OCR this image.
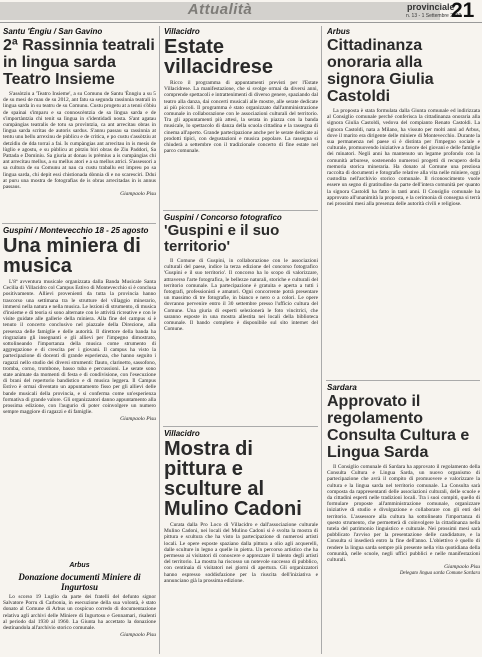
Attualità	provinciale
n. 13 - 1 Settembre 2012
21
Santu 'Èngiu / San Gavino
2ª Rassinnia teatrali in lingua sarda Teatro Insieme

S'assòtziu a 'Teatro Insieme', a su Comunu de Santu 'Ènngiu a su 5 de su mesi de mau de su 2012, ant fatu sa segunda rassinnia teatrali in lingua sarda in su teatru de su Comunu. Custu progetu at a tenni s'òbiu de spainai s'imparu e sa connoscèntzia de sa lìngua sarda e de s'importàntzia chi tenit sa lìngua in s'identidadi nosta. S'ant agatau cumpàngias teatralis de totu sa provìntzia, ca ant arrecitau obras in lìngua sarda scritas de autoris sardus. S'annu passau sa rassinnia at tentu unu bellu arrexinu de pùblicu e de critica, e po custu s'assòtziu at detzìdiu de dda torrai a fai. Is cumpàngias ant arrecitau in is mesis de lùglio e agostu, e su pùblicu at pòtziu biri obras de Ziu Paddori, Sa Pattada e Dominiu. Sa giuria at donau is prèmius a is cumpàngias chi ant arrecitau mellus, a su mellus atori e a sa mellus atrici. S'assessori a sa cultura de su Comunu at nau ca custu traballu est impreu po sa lìngua sarda, chi depit essi chistionada dònnia dì e no scaresciri. Ddui at puru una mostra de fotografias de is obras arrecitadas in is annus passaus.

Giampaolo Pisu
Guspini / Montevecchio 18 - 25 agosto
Una miniera di musica

L'8ª avventura musicale organizzata dalla Banda Musicale Santa Cecilia di Villacidro col Campus Estivo di Montevecchio si è conclusa positivamente. Allievi provenienti da tutta la provincia hanno trascorso una settimana tra le strutture del villaggio minerario, immersi nella natura e nella musica. Le lezioni di strumento, di musica d'insieme e di teoria si sono alternate con le attività ricreative e con le visite guidate alle gallerie della miniera. Alla fine del campus si è tenuto il concerto conclusivo nel piazzale della Direzione, alla presenza delle famiglie e delle autorità. Il direttore della banda ha ringraziato gli insegnanti e gli allievi per l'impegno dimostrato, sottolineando l'importanza della musica come strumento di aggregazione e di crescita per i giovani. Il campus ha visto la partecipazione di docenti di grande esperienza, che hanno seguito i ragazzi nello studio dei diversi strumenti: flauto, clarinetto, sassofono, tromba, corno, trombone, basso tuba e percussioni. Le serate sono state animate da momenti di festa e di condivisione, con l'esecuzione di brani del repertorio bandistico e di musica leggera. Il Campus Estivo è ormai diventato un appuntamento fisso per gli allievi delle bande musicali della provincia, e si conferma come un'esperienza formativa di grande valore. Gli organizzatori danno appuntamento alla prossima edizione, con l'augurio di poter coinvolgere un numero sempre maggiore di ragazzi e di famiglie.

Giampaolo Pisu
Arbus
Donazione documenti Miniere di Ingurtosu

Lo scorso 19 Luglio da parte dei fratelli del defunto signor Salvatore Porru di Carbonia, in esecuzione della sua volontà, è stato donato al Comune di Arbus un cospicuo corredo di documentazione relativa agli archivi delle Miniere di Ingurtosu e Gennamari, risalenti al periodo dal 1930 al 1960. La Giunta ha accettato la donazione destinandola all'archivio storico comunale.

Giampaolo Pisu
Villacidro
Estate villacidrese

Ricco il programma di appuntamenti previsti per l'Estate Villacidrese. La manifestazione, che si svolge ormai da diversi anni, comprende spettacoli e intrattenimenti di diverso genere, spaziando dal teatro alla danza, dai concerti musicali alle mostre, alle serate dedicate ai più piccoli. Il programma è stato organizzato dall'amministrazione comunale in collaborazione con le associazioni culturali del territorio. Tra gli appuntamenti più attesi, la serata in piazza con la banda musicale, lo spettacolo di danza della scuola cittadina e la rassegna di cinema all'aperto. Grande partecipazione anche per le serate dedicate ai prodotti tipici, con degustazioni e musica popolare. La rassegna si chiuderà a settembre con il tradizionale concerto di fine estate nel parco comunale.

Guspini / Concorso fotografico
'Guspini e il suo territorio'

Il Comune di Guspini, in collaborazione con le associazioni culturali del paese, indice la terza edizione del concorso fotografico 'Guspini e il suo territorio'. Il concorso ha lo scopo di valorizzare, attraverso l'arte fotografica, le bellezze naturali, storiche e culturali del territorio comunale. La partecipazione è gratuita e aperta a tutti i fotografi, professionisti e amatori. Ogni concorrente potrà presentare un massimo di tre fotografie, in bianco e nero o a colori. Le opere dovranno pervenire entro il 30 settembre presso l'ufficio cultura del Comune. Una giuria di esperti selezionerà le foto vincitrici, che saranno esposte in una mostra allestita nei locali della biblioteca comunale. Il bando completo è disponibile sul sito internet del Comune.

Villacidro
Mostra di pittura e sculture al Mulino Cadoni

Curata dalla Pro Loco di Villacidro e dall'associazione culturale Mulino Cadoni, nei locali del Mulino Cadoni si è svolta la mostra di pittura e scultura che ha visto la partecipazione di numerosi artisti locali. Le opere esposte spaziano dalla pittura a olio agli acquerelli, dalle sculture in legno a quelle in pietra. Un percorso artistico che ha permesso ai visitatori di conoscere e apprezzare il talento degli artisti del territorio. La mostra ha riscosso un notevole successo di pubblico, con centinaia di visitatori nei giorni di apertura. Gli organizzatori hanno espresso soddisfazione per la riuscita dell'iniziativa e annunciano già la prossima edizione.

Arbus
Cittadinanza onoraria alla signora Giulia Castoldi

La proposta è stata formulata dalla Giunta comunale ed indirizzata al Consiglio comunale perché conferisca la cittadinanza onoraria alla signora Giulia Castoldi, vedova del compianto Renato Castoldi. La signora Castoldi, nata a Milano, ha vissuto per molti anni ad Arbus, dove il marito era dirigente delle miniere di Montevecchio. Durante la sua permanenza nel paese si è distinta per l'impegno sociale e culturale, promuovendo iniziative a favore dei giovani e delle famiglie dei minatori. Negli anni ha mantenuto un legame profondo con la comunità arburese, sostenendo numerosi progetti di recupero della memoria storica mineraria. Ha donato al Comune una preziosa raccolta di documenti e fotografie relative alla vita nelle miniere, oggi custodita nell'archivio storico comunale. Il riconoscimento vuole essere un segno di gratitudine da parte dell'intera comunità per quanto la signora Castoldi ha fatto in tanti anni. Il Consiglio comunale ha approvato all'unanimità la proposta, e la cerimonia di consegna si terrà nei prossimi mesi alla presenza delle autorità civili e religiose.

Sardara
Approvato il regolamento Consulta Cultura e Lingua Sarda

Il Consiglio comunale di Sardara ha approvato il regolamento della Consulta Cultura e Lingua Sarda, un nuovo organismo di partecipazione che avrà il compito di promuovere e valorizzare la cultura e la lingua sarda nel territorio comunale. La Consulta sarà composta da rappresentanti delle associazioni culturali, delle scuole e da cittadini esperti nelle tradizioni locali. Tra i suoi compiti, quello di formulare proposte all'amministrazione comunale, organizzare iniziative di studio e divulgazione e collaborare con gli enti del territorio. L'assessore alla cultura ha sottolineato l'importanza di questo strumento, che permetterà di coinvolgere la cittadinanza nella tutela del patrimonio linguistico e culturale. Nei prossimi mesi sarà pubblicato l'avviso per la presentazione delle candidature, e la Consulta si insedierà entro la fine dell'anno. L'obiettivo è quello di rendere la lingua sarda sempre più presente nella vita quotidiana della comunità, nelle scuole, negli uffici pubblici e nelle manifestazioni culturali.

Giampaolo Pisu
Delegato lingua sarda Comune Sardara
